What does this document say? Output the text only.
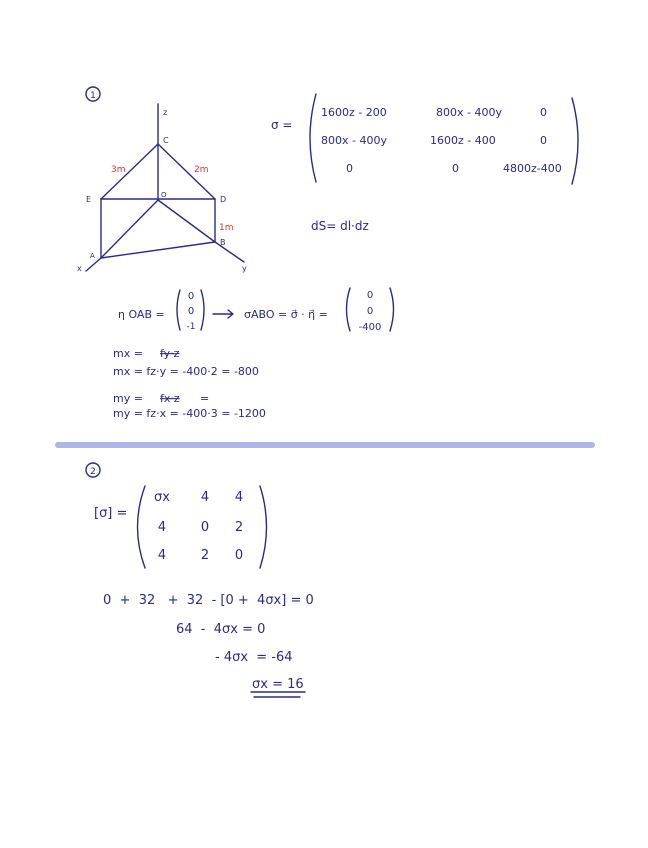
1
z
C
O
E	D
A
B
x	y
3m	2m
1m
σ =
1600z - 200	800x - 400y	0
800x - 400y	1600z - 400	0
0	0	4800z-400
dS= dl·dz
η OAB =
0
0
-1
σABO = σ⃗ · η⃗ =
0
0
-400
mx = fy·z
mx = fz·y = -400·2 = -800
my = fx·z =
my = fz·x = -400·3 = -1200
2
[σ] =
σx 4 4
4	0 2
4	2 0
0  +  32   +  32  - [0 +  4σx] = 0
64  -  4σx = 0
- 4σx  = -64
σx = 16
